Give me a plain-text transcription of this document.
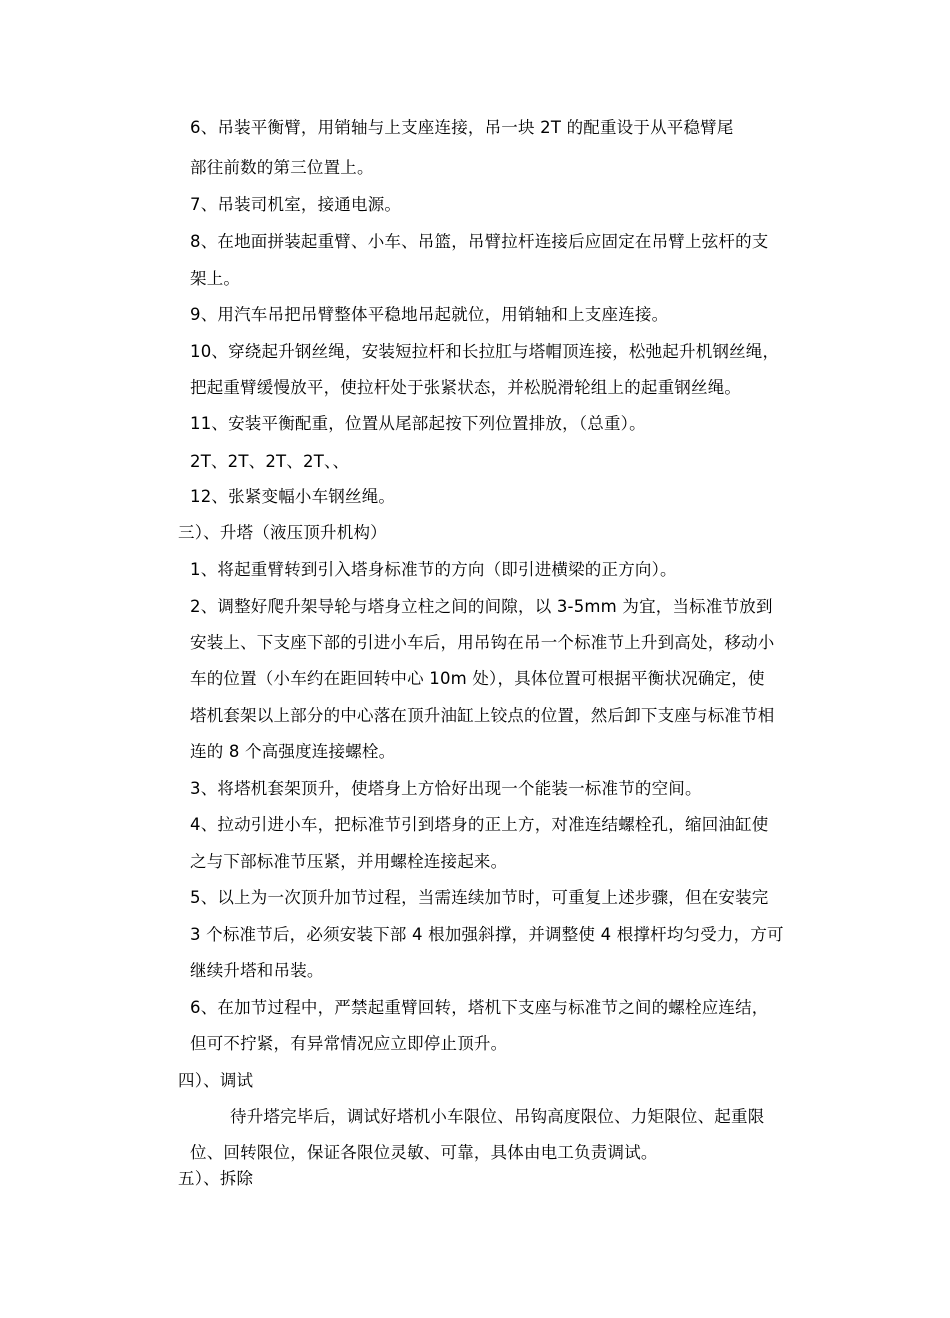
6、吊装平衡臂，用销轴与上支座连接，吊一块 2T 的配重设于从平稳臂尾
部往前数的第三位置上。
7、吊装司机室，接通电源。
8、在地面拼装起重臂、小车、吊篮，吊臂拉杆连接后应固定在吊臂上弦杆的支
架上。
9、用汽车吊把吊臂整体平稳地吊起就位，用销轴和上支座连接。
10、穿绕起升钢丝绳，安装短拉杆和长拉肛与塔帽顶连接，松弛起升机钢丝绳，
把起重臂缓慢放平，使拉杆处于张紧状态，并松脱滑轮组上的起重钢丝绳。
11、安装平衡配重，位置从尾部起按下列位置排放，（总重）。
2T、2T、2T、2T、、
12、张紧变幅小车钢丝绳。
三）、升塔（液压顶升机构）
1、将起重臂转到引入塔身标准节的方向（即引进横梁的正方向）。
2、调整好爬升架导轮与塔身立柱之间的间隙，以 3-5mm 为宜，当标准节放到
安装上、下支座下部的引进小车后，用吊钩在吊一个标准节上升到高处，移动小
车的位置（小车约在距回转中心 10m 处），具体位置可根据平衡状况确定，使
塔机套架以上部分的中心落在顶升油缸上铰点的位置，然后卸下支座与标准节相
连的 8 个高强度连接螺栓。
3、将塔机套架顶升，使塔身上方恰好出现一个能装一标准节的空间。
4、拉动引进小车，把标准节引到塔身的正上方，对准连结螺栓孔，缩回油缸使
之与下部标准节压紧，并用螺栓连接起来。
5、以上为一次顶升加节过程，当需连续加节时，可重复上述步骤，但在安装完
3 个标准节后，必须安装下部 4 根加强斜撑，并调整使 4 根撑杆均匀受力，方可
继续升塔和吊装。
6、在加节过程中，严禁起重臂回转，塔机下支座与标准节之间的螺栓应连结，
但可不拧紧，有异常情况应立即停止顶升。
四）、调试
待升塔完毕后，调试好塔机小车限位、吊钩高度限位、力矩限位、起重限
位、回转限位，保证各限位灵敏、可靠，具体由电工负责调试。
五）、拆除
